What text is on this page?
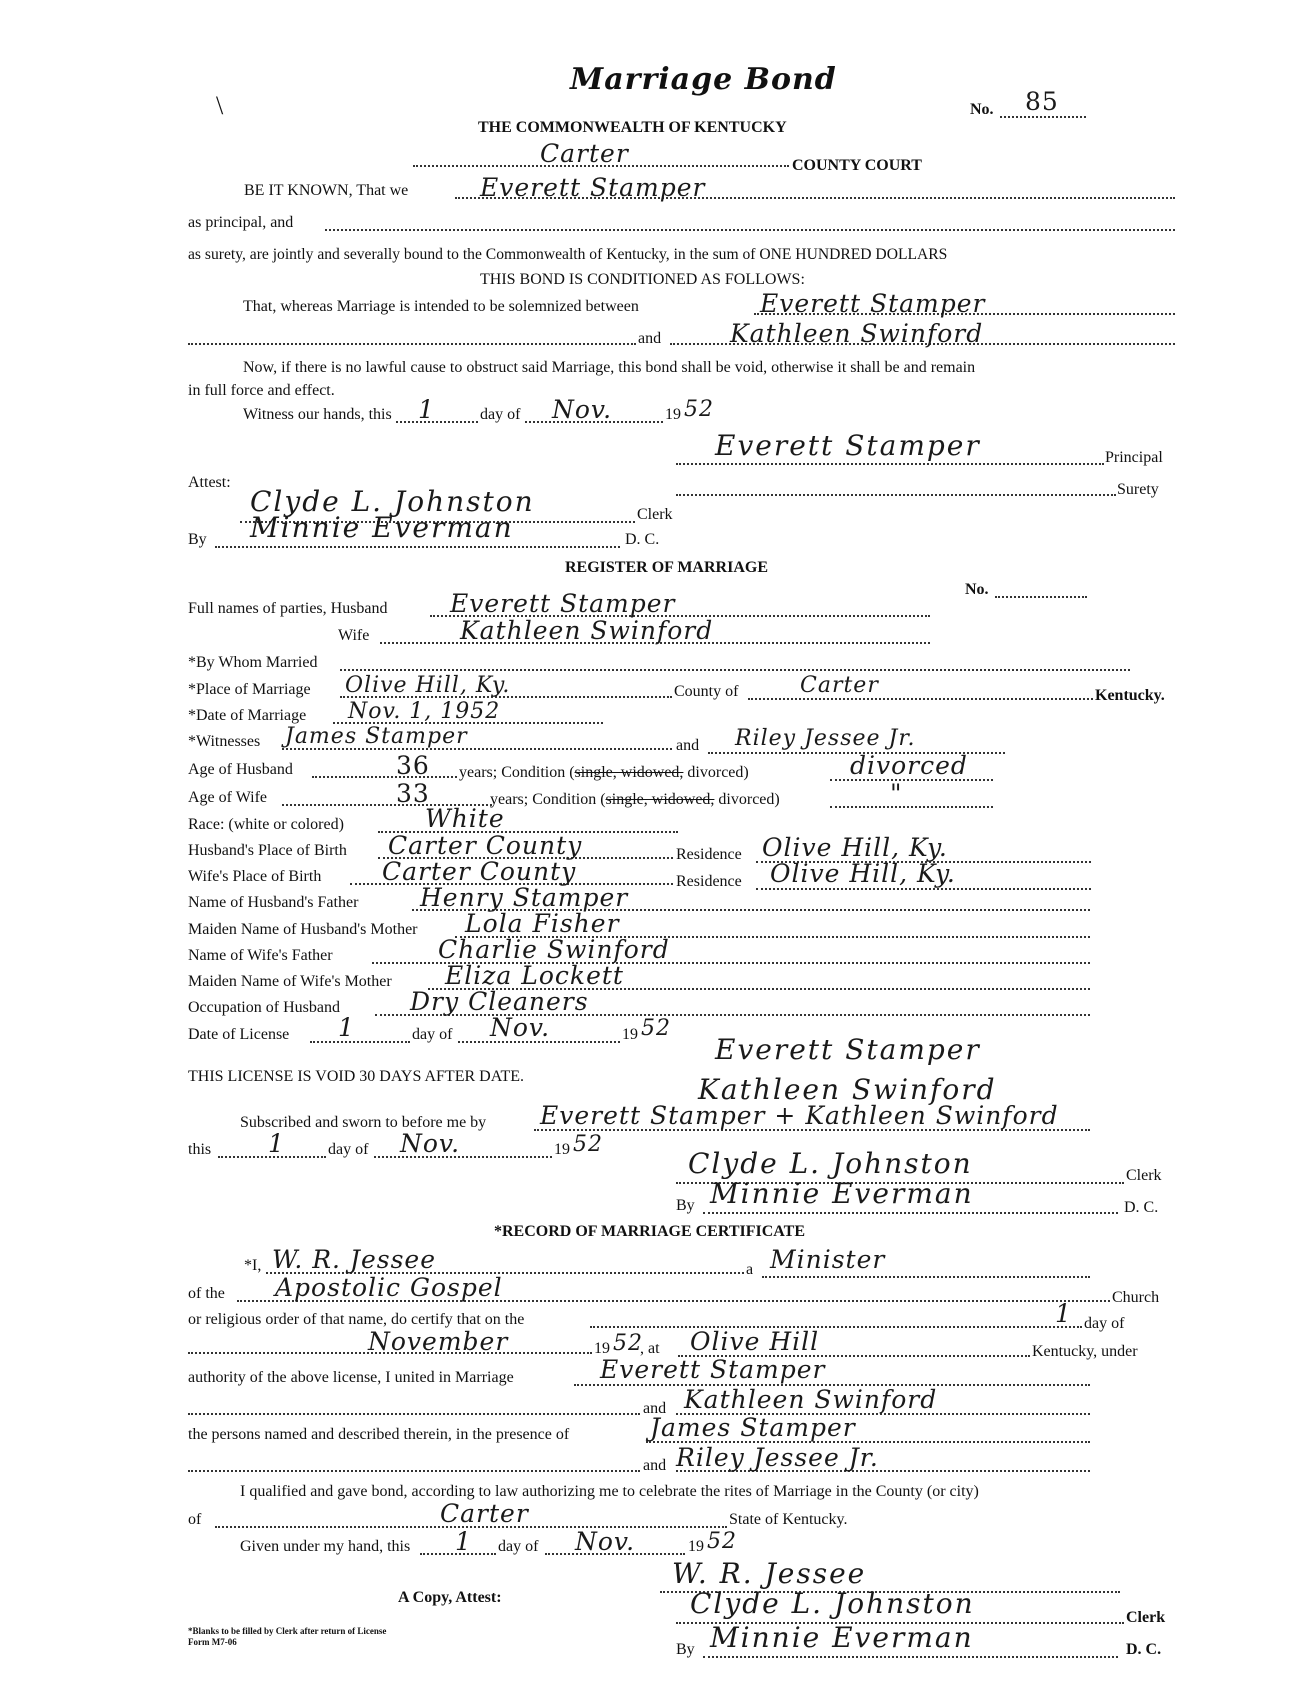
Marriage Bond
\	No. 85
THE COMMONWEALTH OF KENTUCKY
Carter	COUNTY COURT
BE IT KNOWN, That we	Everett Stamper
as principal, and
as surety, are jointly and severally bound to the Commonwealth of Kentucky, in the sum of ONE HUNDRED DOLLARS
THIS BOND IS CONDITIONED AS FOLLOWS:
That, whereas Marriage is intended to be solemnized between	Everett Stamper
and	Kathleen Swinford
Now, if there is no lawful cause to obstruct said Marriage, this bond shall be void, otherwise it shall be and remain
in full force and effect.
Witness our hands, this 1	day of Nov.	19 52
Everett Stamper	Principal
Attest:	Surety
Clyde L. Johnston	Clerk
By Minnie Everman	D. C.
REGISTER OF MARRIAGE
No.
Full names of parties, Husband Everett Stamper
Wife	Kathleen Swinford
*By Whom Married
*Place of Marriage Olive Hill, Ky.	County of	Carter	Kentucky.
*Date of Marriage Nov. 1, 1952
*Witnesses James Stamper	and Riley Jessee Jr.
Age of Husband	36 years; Condition (single, widowed, divorced)	divorced
Age of Wife	33	years; Condition (single, widowed, divorced)	"
Race: (white or colored)	White
Husband's Place of Birth Carter County	Residence Olive Hill, Ky.
Wife's Place of Birth Carter County	Residence Olive Hill, Ky.
Name of Husband's Father Henry Stamper
Maiden Name of Husband's Mother Lola Fisher
Name of Wife's Father	Charlie Swinford
Maiden Name of Wife's Mother Eliza Lockett
Occupation of Husband	Dry Cleaners
Date of License 1	day of Nov.	19 52
Everett Stamper
THIS LICENSE IS VOID 30 DAYS AFTER DATE.	Kathleen Swinford
Subscribed and sworn to before me by Everett Stamper + Kathleen Swinford
this 1	day of Nov.	19 52
Clyde L. Johnston	Clerk
By Minnie Everman	D. C.
*RECORD OF MARRIAGE CERTIFICATE
*I, W. R. Jessee	a Minister
of the Apostolic Gospel	Church
or religious order of that name, do certify that on the	1 day of
November	19 52
, at Olive Hill	Kentucky, under
authority of the above license, I united in Marriage	Everett Stamper
and Kathleen Swinford
the persons named and described therein, in the presence of	James Stamper
and Riley Jessee Jr.
I qualified and gave bond, according to law authorizing me to celebrate the rites of Marriage in the County (or city)
of	Carter	State of Kentucky.
Given under my hand, this 1 day of Nov.	19 52
W. R. Jessee
A Copy, Attest:	Clyde L. Johnston	Clerk
By Minnie Everman	D. C.
*Blanks to be filled by Clerk after return of License
Form M7-06
